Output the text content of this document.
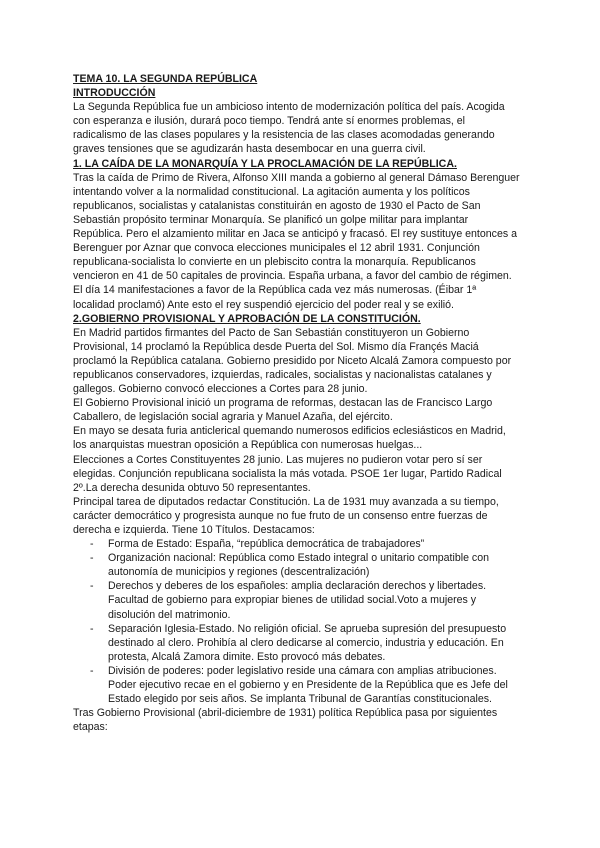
TEMA 10. LA SEGUNDA REPÚBLICA

INTRODUCCIÓN

La Segunda República fue un ambicioso intento de modernización política del país. Acogida con esperanza e ilusión, durará poco tiempo. Tendrá ante sí enormes problemas, el radicalismo de las clases populares y la resistencia de las clases acomodadas generando graves tensiones que se agudizarán hasta desembocar en una guerra civil.

1. LA CAÍDA DE LA MONARQUÍA Y LA PROCLAMACIÓN DE LA REPÚBLICA.

Tras la caída de Primo de Rivera, Alfonso XIII manda a gobierno al general Dámaso Berenguer intentando volver a la normalidad constitucional. La agitación aumenta y los políticos republicanos, socialistas y catalanistas constituirán en agosto de 1930 el Pacto de San Sebastián propósito terminar Monarquía. Se planificó un golpe militar para implantar República. Pero el alzamiento militar en Jaca se anticipó y fracasó. El rey sustituye entonces a Berenguer por Aznar que convoca elecciones municipales el 12 abril 1931. Conjunción republicana-socialista lo convierte en un plebiscito contra la monarquía. Republicanos vencieron en 41 de 50 capitales de provincia. España urbana, a favor del cambio de régimen. El día 14 manifestaciones a favor de la República cada vez más numerosas. (Éibar 1ª localidad proclamó) Ante esto el rey suspendió ejercicio del poder real y se exilió.

2.GOBIERNO PROVISIONAL Y APROBACIÓN DE LA CONSTITUCIÓN.

En Madrid partidos firmantes del Pacto de San Sebastián constituyeron un Gobierno Provisional, 14 proclamó la República desde Puerta del Sol. Mismo día Françés Maciá proclamó la República catalana. Gobierno presidido por Niceto Alcalá Zamora compuesto por republicanos conservadores, izquierdas, radicales, socialistas y nacionalistas catalanes y gallegos. Gobierno convocó elecciones a Cortes para 28 junio.

El Gobierno Provisional inició un programa de reformas, destacan las de Francisco Largo Caballero, de legislación social agraria y Manuel Azaña, del ejército.

En mayo se desata furia anticlerical quemando numerosos edificios eclesiásticos en Madrid, los anarquistas muestran oposición a República con numerosas huelgas...

Elecciones a Cortes Constituyentes 28 junio. Las mujeres no pudieron votar pero sí ser elegidas. Conjunción republicana socialista la más votada. PSOE 1er lugar, Partido Radical 2º.La derecha desunida obtuvo 50 representantes.

Principal tarea de diputados redactar Constitución. La de 1931 muy avanzada a su tiempo, carácter democrático y progresista aunque no fue fruto de un consenso entre fuerzas de derecha e izquierda. Tiene 10 Títulos. Destacamos:

- Forma de Estado: España, “república democrática de trabajadores”
- Organización nacional: República como Estado integral o unitario compatible con autonomía de municipios y regiones (descentralización)
- Derechos y deberes de los españoles: amplia declaración derechos y libertades. Facultad de gobierno para expropiar bienes de utilidad social.Voto a mujeres y disolución del matrimonio.
- Separación Iglesia-Estado. No religión oficial. Se aprueba supresión del presupuesto destinado al clero. Prohibía al clero dedicarse al comercio, industria y educación. En protesta, Alcalá Zamora dimite. Esto provocó más debates.
- División de poderes: poder legislativo reside una cámara con amplias atribuciones. Poder ejecutivo recae en el gobierno y en Presidente de la República que es Jefe del Estado elegido por seis años. Se implanta Tribunal de Garantías constitucionales.

Tras Gobierno Provisional (abril-diciembre de 1931) política República pasa por siguientes etapas:
